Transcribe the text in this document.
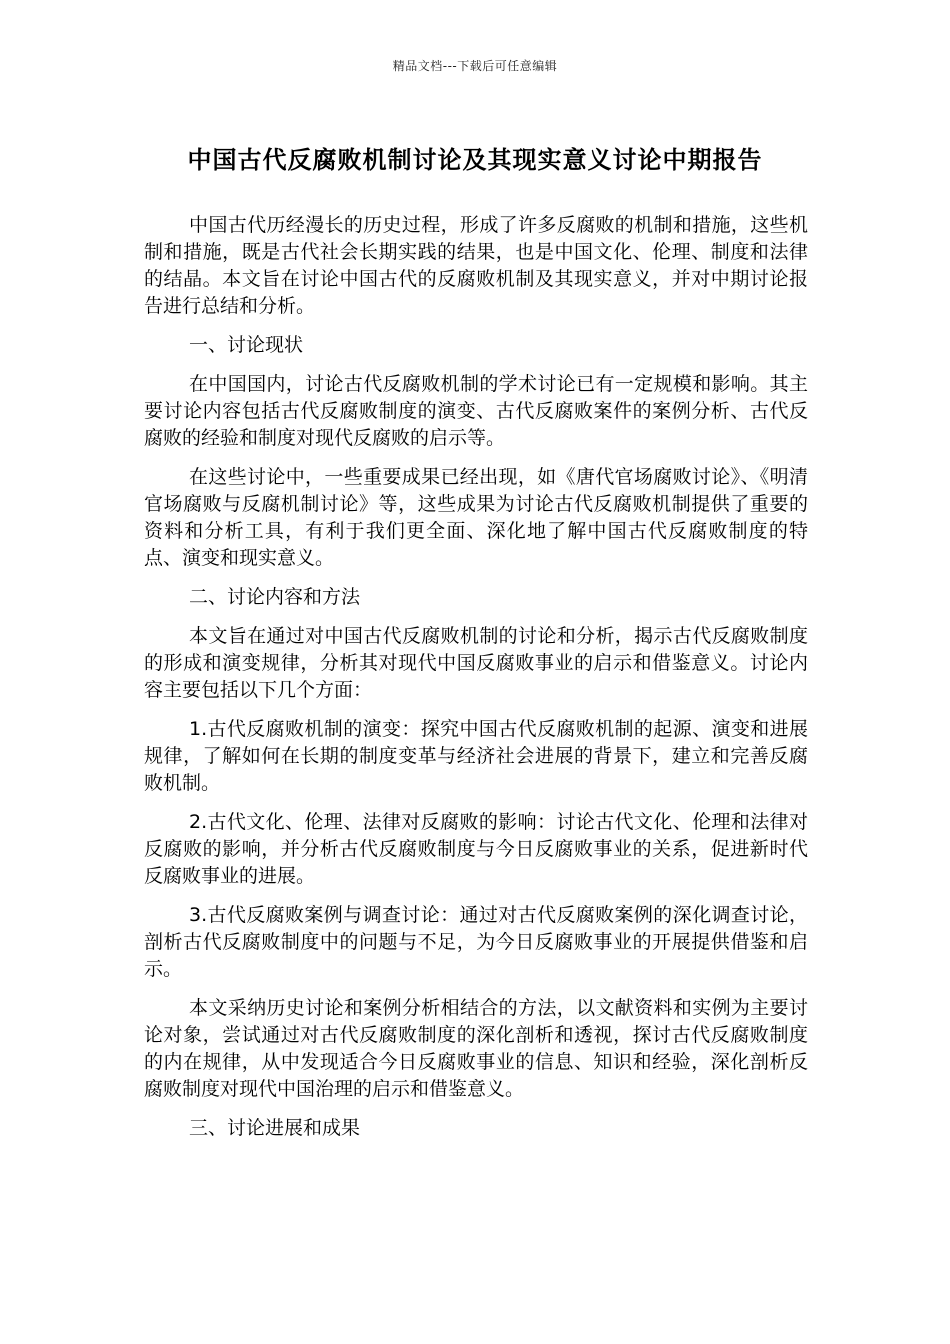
精品文档---下载后可任意编辑
中国古代反腐败机制讨论及其现实意义讨论中期报告

中国古代历经漫长的历史过程，形成了许多反腐败的机制和措施，这些机制和措施，既是古代社会长期实践的结果，也是中国文化、伦理、制度和法律的结晶。本文旨在讨论中国古代的反腐败机制及其现实意义，并对中期讨论报告进行总结和分析。

一、讨论现状

在中国国内，讨论古代反腐败机制的学术讨论已有一定规模和影响。其主要讨论内容包括古代反腐败制度的演变、古代反腐败案件的案例分析、古代反腐败的经验和制度对现代反腐败的启示等。

在这些讨论中，一些重要成果已经出现，如《唐代官场腐败讨论》、《明清官场腐败与反腐机制讨论》等，这些成果为讨论古代反腐败机制提供了重要的资料和分析工具，有利于我们更全面、深化地了解中国古代反腐败制度的特点、演变和现实意义。

二、讨论内容和方法

本文旨在通过对中国古代反腐败机制的讨论和分析，揭示古代反腐败制度的形成和演变规律，分析其对现代中国反腐败事业的启示和借鉴意义。讨论内容主要包括以下几个方面：

1.古代反腐败机制的演变：探究中国古代反腐败机制的起源、演变和进展规律，了解如何在长期的制度变革与经济社会进展的背景下，建立和完善反腐败机制。

2.古代文化、伦理、法律对反腐败的影响：讨论古代文化、伦理和法律对反腐败的影响，并分析古代反腐败制度与今日反腐败事业的关系，促进新时代反腐败事业的进展。

3.古代反腐败案例与调查讨论：通过对古代反腐败案例的深化调查讨论，剖析古代反腐败制度中的问题与不足，为今日反腐败事业的开展提供借鉴和启示。

本文采纳历史讨论和案例分析相结合的方法，以文献资料和实例为主要讨论对象，尝试通过对古代反腐败制度的深化剖析和透视，探讨古代反腐败制度的内在规律，从中发现适合今日反腐败事业的信息、知识和经验，深化剖析反腐败制度对现代中国治理的启示和借鉴意义。

三、讨论进展和成果
